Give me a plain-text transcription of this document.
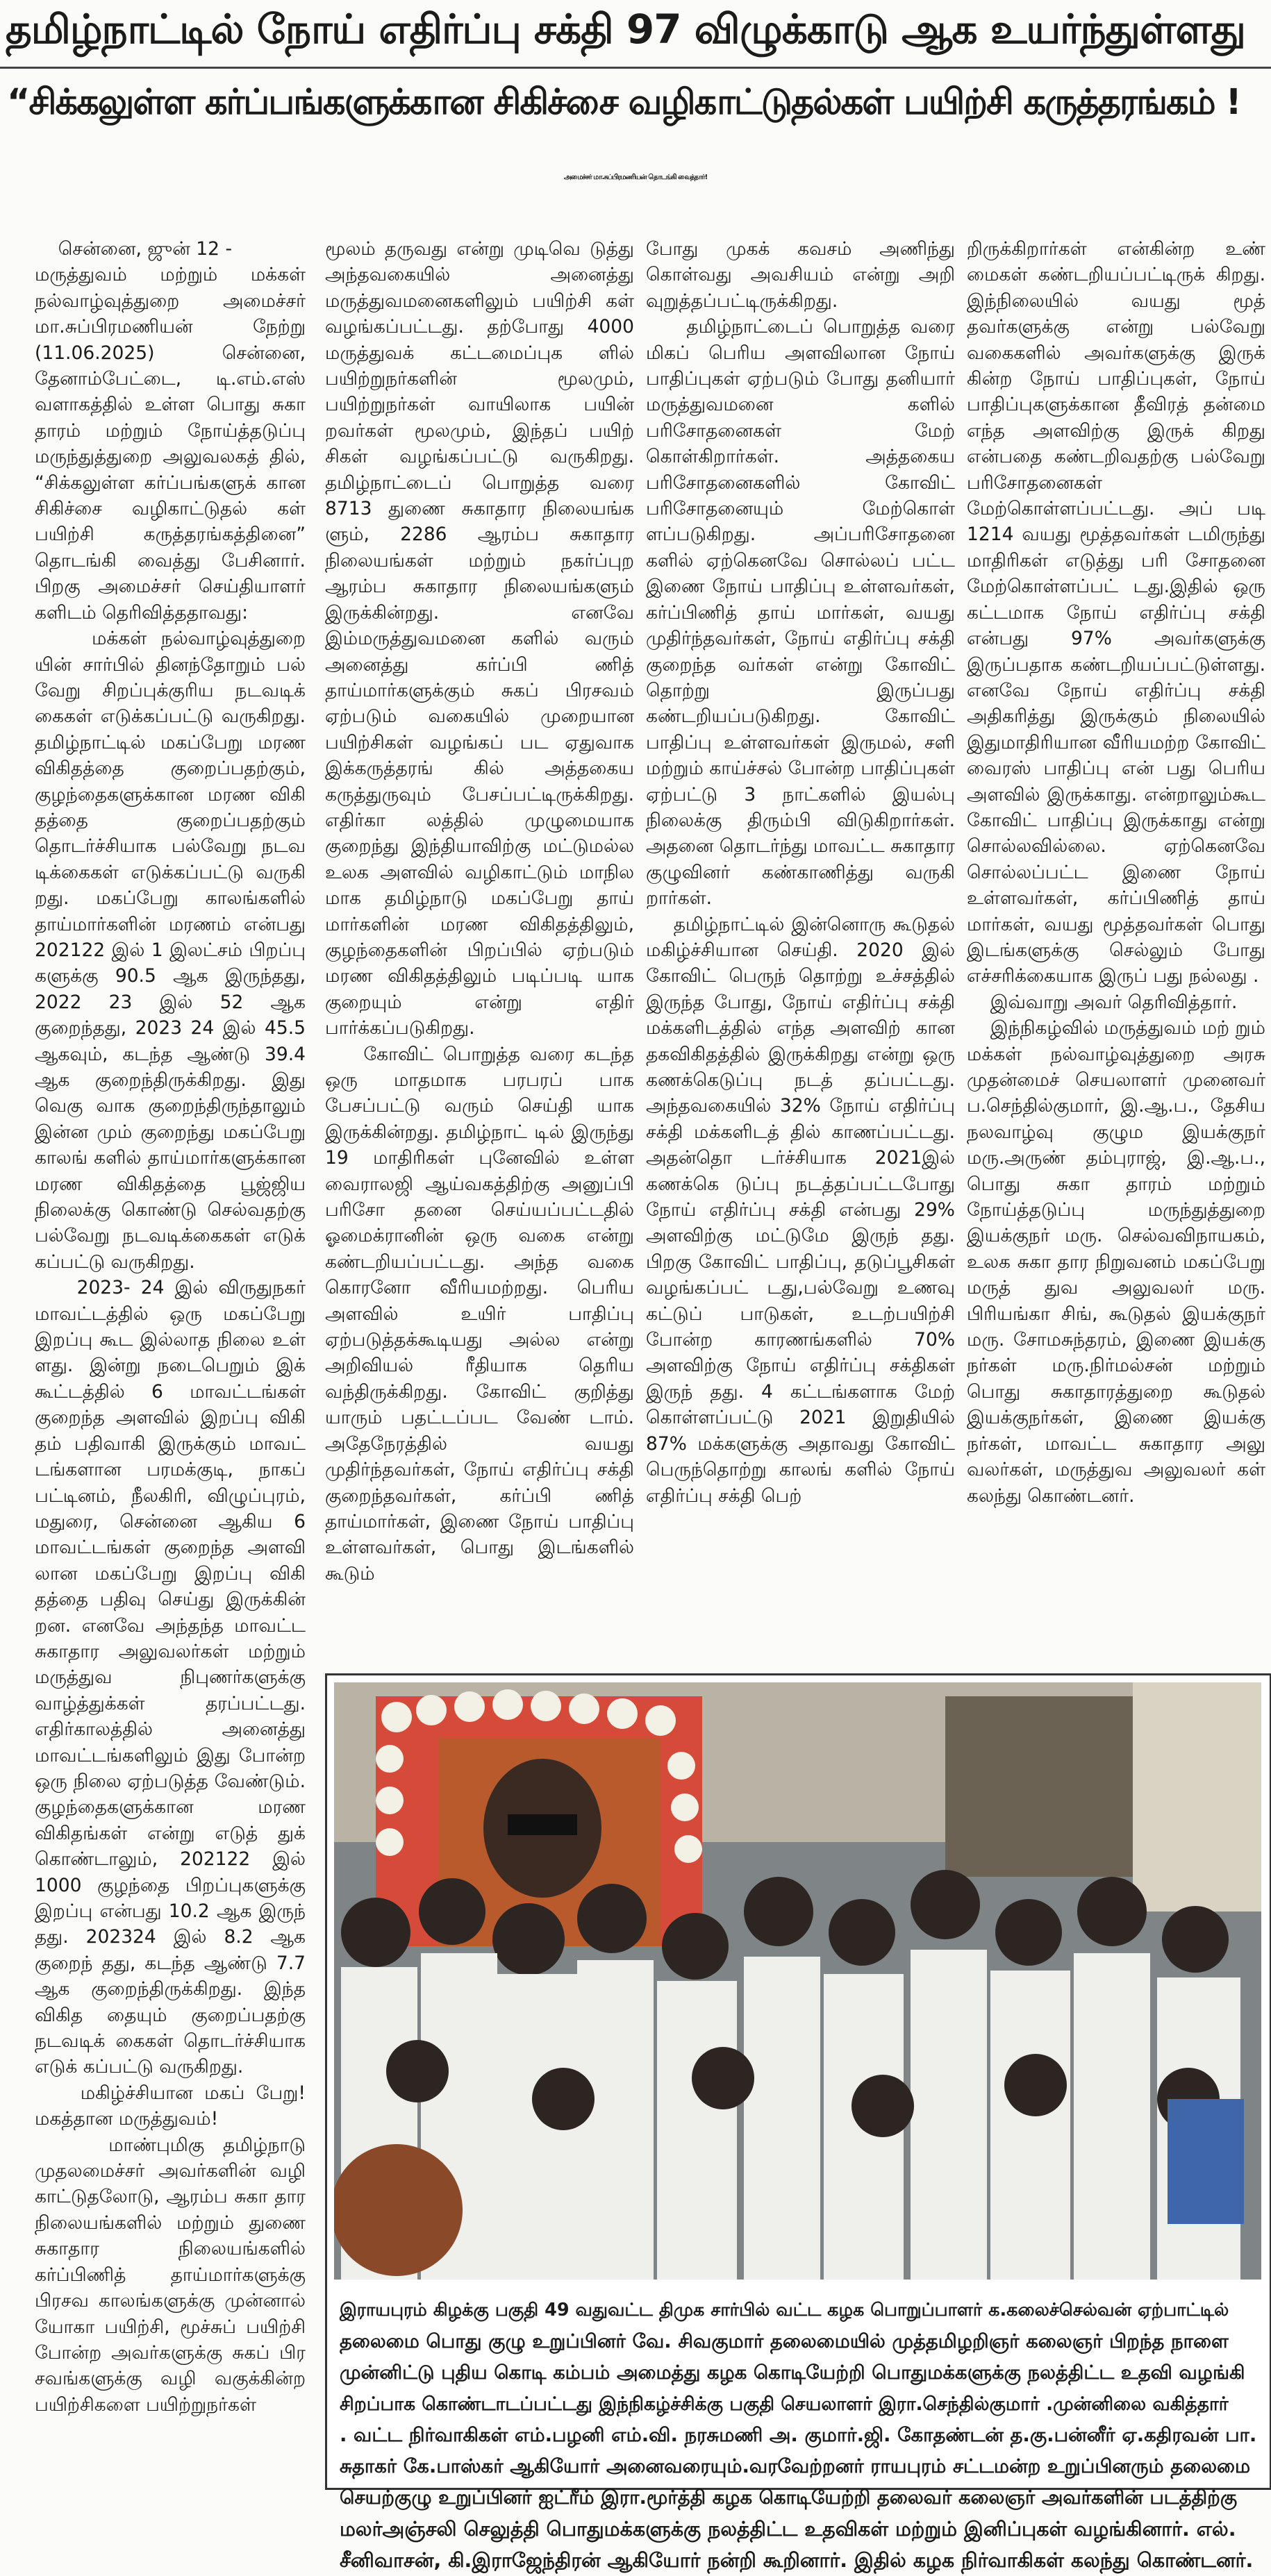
தமிழ்நாட்டில் நோய் எதிர்ப்பு சக்தி 97 விழுக்காடு ஆக உயர்ந்துள்ளது
“சிக்கலுள்ள கர்ப்பங்களுக்கான சிகிச்சை வழிகாட்டுதல்கள் பயிற்சி கருத்தரங்கம் !
அமைச்சர் மா.சுப்பிரமணியன் தொடங்கி வைத்தார்!

சென்னை, ஜுன் 12 -

மருத்துவம் மற்றும் மக்கள் நல்வாழ்வுத்துறை அமைச்சர் மா.சுப்பிரமணியன் நேற்று (11.06.2025) சென்னை, தேனாம்பேட்டை, டி.எம்.எஸ் வளாகத்தில் உள்ள பொது சுகா தாரம் மற்றும் நோய்த்தடுப்பு மருந்துத்துறை அலுவலகத் தில், “சிக்கலுள்ள கர்ப்பங்களுக் கான சிகிச்சை வழிகாட்டுதல் கள் பயிற்சி கருத்தரங்கத்தினை” தொடங்கி வைத்து பேசினார். பிறகு அமைச்சர் செய்தியாளர் களிடம் தெரிவித்ததாவது:

மக்கள் நல்வாழ்வுத்துறை யின் சார்பில் தினந்தோறும் பல் வேறு சிறப்புக்குரிய நடவடிக் கைகள் எடுக்கப்பட்டு வருகிறது. தமிழ்நாட்டில் மகப்பேறு மரண விகிதத்தை குறைப்பதற்கும், குழந்தைகளுக்கான மரண விகி தத்தை குறைப்பதற்கும் தொடர்ச்சியாக பல்வேறு நடவ டிக்கைகள் எடுக்கப்பட்டு வருகி றது. மகப்பேறு காலங்களில் தாய்மார்களின் மரணம் என்பது 202122 இல் 1 இலட்சம் பிறப்பு களுக்கு 90.5 ஆக இருந்தது, 2022 23 இல் 52 ஆக குறைந்தது, 2023 24 இல் 45.5 ஆகவும், கடந்த ஆண்டு 39.4 ஆக குறைந்திருக்கிறது. இது வெகு வாக குறைந்திருந்தாலும் இன்ன மும் குறைந்து மகப்பேறு காலங் களில் தாய்மார்களுக்கான மரண விகிதத்தை பூஜ்ஜிய நிலைக்கு கொண்டு செல்வதற்கு பல்வேறு நடவடிக்கைகள் எடுக் கப்பட்டு வருகிறது.

2023- 24 இல் விருதுநகர் மாவட்டத்தில் ஒரு மகப்பேறு இறப்பு கூட இல்லாத நிலை உள் ளது. இன்று நடைபெறும் இக் கூட்டத்தில் 6 மாவட்டங்கள் குறைந்த அளவில் இறப்பு விகி தம் பதிவாகி இருக்கும் மாவட் டங்களான பரமக்குடி, நாகப் பட்டினம், நீலகிரி, விழுப்புரம், மதுரை, சென்னை ஆகிய 6 மாவட்டங்கள் குறைந்த அளவி லான மகப்பேறு இறப்பு விகி தத்தை பதிவு செய்து இருக்கின் றன. எனவே அந்தந்த மாவட்ட சுகாதார அலுவலர்கள் மற்றும் மருத்துவ நிபுணர்களுக்கு வாழ்த்துக்கள் தரப்பட்டது. எதிர்காலத்தில் அனைத்து மாவட்டங்களிலும் இது போன்ற ஒரு நிலை ஏற்படுத்த வேண்டும். குழந்தைகளுக்கான மரண விகிதங்கள் என்று எடுத் துக் கொண்டாலும், 202122 இல் 1000 குழந்தை பிறப்புகளுக்கு இறப்பு என்பது 10.2 ஆக இருந் தது. 202324 இல் 8.2 ஆக குறைந் தது, கடந்த ஆண்டு 7.7 ஆக குறைந்திருக்கிறது. இந்த விகித தையும் குறைப்பதற்கு நடவடிக் கைகள் தொடர்ச்சியாக எடுக் கப்பட்டு வருகிறது.

மகிழ்ச்சியான மகப் பேறு!மகத்தான மருத்துவம்!

மாண்புமிகு தமிழ்நாடு முதலமைச்சர் அவர்களின் வழி காட்டுதலோடு, ஆரம்ப சுகா தார நிலையங்களில் மற்றும் துணை சுகாதார நிலையங்களில் கர்ப்பிணித் தாய்மார்களுக்கு பிரசவ காலங்களுக்கு முன்னால் யோகா பயிற்சி, மூச்சுப் பயிற்சி போன்ற அவர்களுக்கு சுகப் பிர சவங்களுக்கு வழி வகுக்கின்ற பயிற்சிகளை பயிற்றுநர்கள்

மூலம் தருவது என்று முடிவெ டுத்து அந்தவகையில் அனைத்து மருத்துவமனைகளிலும் பயிற்சி கள் வழங்கப்பட்டது. தற்போது 4000 மருத்துவக் கட்டமைப்புக ளில் பயிற்றுநர்களின் மூலமும், பயிற்றுநர்கள் வாயிலாக பயின் றவர்கள் மூலமும், இந்தப் பயிற் சிகள் வழங்கப்பட்டு வருகிறது. தமிழ்நாட்டைப் பொறுத்த வரை 8713 துணை சுகாதார நிலையங்க ளும், 2286 ஆரம்ப சுகாதார நிலையங்கள் மற்றும் நகர்ப்புற ஆரம்ப சுகாதார நிலையங்களும் இருக்கின்றது. எனவே இம்மருத்துவமனை களில் வரும் அனைத்து கர்ப்பி ணித் தாய்மார்களுக்கும் சுகப் பிரசவம் ஏற்படும் வகையில் முறையான பயிற்சிகள் வழங்கப் பட ஏதுவாக இக்கருத்தரங் கில் அத்தகைய கருத்துருவும் பேசப்பட்டிருக்கிறது. எதிர்கா லத்தில் முழுமையாக குறைந்து இந்தியாவிற்கு மட்டுமல்ல உலக அளவில் வழிகாட்டும் மாநில மாக தமிழ்நாடு மகப்பேறு தாய் மார்களின் மரண விகிதத்திலும், குழந்தைகளின் பிறப்பில் ஏற்படும் மரண விகிதத்திலும் படிப்படி யாக குறையும் என்று எதிர் பார்க்கப்படுகிறது.

கோவிட் பொறுத்த வரை கடந்த ஒரு மாதமாக பரபரப் பாக பேசப்பட்டு வரும் செய்தி யாக இருக்கின்றது. தமிழ்நாட் டில் இருந்து 19 மாதிரிகள் புனேவில் உள்ள வைராலஜி ஆய்வகத்திற்கு அனுப்பி பரிசோ தனை செய்யப்பட்டதில் ஓமைக்ரானின் ஒரு வகை என்று கண்டறியப்பட்டது. அந்த வகை கொரனோ வீரியமற்றது. பெரிய அளவில் உயிர் பாதிப்பு ஏற்படுத்தக்கூடியது அல்ல என்று அறிவியல் ரீதியாக தெரிய வந்திருக்கிறது. கோவிட் குறித்து யாரும் பதட்டப்பட வேண் டாம். அதேநேரத்தில் வயது முதிர்ந்தவர்கள், நோய் எதிர்ப்பு சக்தி குறைந்தவர்கள், கர்ப்பி ணித் தாய்மார்கள், இணை நோய் பாதிப்பு உள்ளவர்கள், பொது இடங்களில் கூடும்

போது முகக் கவசம் அணிந்து கொள்வது அவசியம் என்று அறி வுறுத்தப்பட்டிருக்கிறது.

தமிழ்நாட்டைப் பொறுத்த வரை மிகப் பெரிய அளவிலான நோய் பாதிப்புகள் ஏற்படும் போது தனியார் மருத்துவமனை களில் பரிசோதனைகள் மேற் கொள்கிறார்கள். அத்தகைய பரிசோதனைகளில் கோவிட் பரிசோதனையும் மேற்கொள் ளப்படுகிறது. அப்பரிசோதனை களில் ஏற்கெனவே சொல்லப் பட்ட இணை நோய் பாதிப்பு உள்ளவர்கள், கர்ப்பிணித் தாய் மார்கள், வயது முதிர்ந்தவர்கள், நோய் எதிர்ப்பு சக்தி குறைந்த வர்கள் என்று கோவிட் தொற்று இருப்பது கண்டறியப்படுகிறது. கோவிட் பாதிப்பு உள்ளவர்கள் இருமல், சளி மற்றும் காய்ச்சல் போன்ற பாதிப்புகள் ஏற்பட்டு 3 நாட்களில் இயல்பு நிலைக்கு திரும்பி விடுகிறார்கள். அதனை தொடர்ந்து மாவட்ட சுகாதார குழுவினர் கண்காணித்து வருகி றார்கள்.

தமிழ்நாட்டில் இன்னொரு கூடுதல் மகிழ்ச்சியான செய்தி. 2020 இல் கோவிட் பெருந் தொற்று உச்சத்தில் இருந்த போது, நோய் எதிர்ப்பு சக்தி மக்களிடத்தில் எந்த அளவிற் கான தகவிகிதத்தில் இருக்கிறது என்று ஒரு கணக்கெடுப்பு நடத் தப்பட்டது. அந்தவகையில் 32% நோய் எதிர்ப்பு சக்தி மக்களிடத் தில் காணப்பட்டது. அதன்தொ டர்ச்சியாக 2021இல் கணக்கெ டுப்பு நடத்தப்பட்டபோது நோய் எதிர்ப்பு சக்தி என்பது 29% அளவிற்கு மட்டுமே இருந் தது. பிறகு கோவிட் பாதிப்பு, தடுப்பூசிகள் வழங்கப்பட் டது,பல்வேறு உணவு கட்டுப் பாடுகள், உடற்பயிற்சி போன்ற காரணங்களில் 70% அளவிற்கு நோய் எதிர்ப்பு சக்திகள் இருந் தது. 4 கட்டங்களாக மேற் கொள்ளப்பட்டு 2021 இறுதியில் 87% மக்களுக்கு அதாவது கோவிட் பெருந்தொற்று காலங் களில் நோய் எதிர்ப்பு சக்தி பெற்

றிருக்கிறார்கள் என்கின்ற உண் மைகள் கண்டறியப்பட்டிருக் கிறது. இந்நிலையில் வயது மூத் தவர்களுக்கு என்று பல்வேறு வகைகளில் அவர்களுக்கு இருக் கின்ற நோய் பாதிப்புகள், நோய் பாதிப்புகளுக்கான தீவிரத் தன்மை எந்த அளவிற்கு இருக் கிறது என்பதை கண்டறிவதற்கு பல்வேறு பரிசோதனைகள் மேற்கொள்ளப்பட்டது. அப் படி 1214 வயது மூத்தவர்கள் டமிருந்து மாதிரிகள் எடுத்து பரி சோதனை மேற்கொள்ளப்பட் டது.இதில் ஒரு கட்டமாக நோய் எதிர்ப்பு சக்தி என்பது 97% அவர்களுக்கு இருப்பதாக கண்டறியப்பட்டுள்ளது. எனவே நோய் எதிர்ப்பு சக்தி அதிகரித்து இருக்கும் நிலையில் இதுமாதிரியான வீரியமற்ற கோவிட் வைரஸ் பாதிப்பு என் பது பெரிய அளவில் இருக்காது. என்றாலும்கூட கோவிட் பாதிப்பு இருக்காது என்று சொல்லவில்லை. ஏற்கெனவே சொல்லப்பட்ட இணை நோய் உள்ளவர்கள், கர்ப்பிணித் தாய் மார்கள், வயது மூத்தவர்கள் பொது இடங்களுக்கு செல்லும் போது எச்சரிக்கையாக இருப் பது நல்லது .

இவ்வாறு அவர் தெரிவித்தார்.

இந்நிகழ்வில் மருத்துவம் மற் றும் மக்கள் நல்வாழ்வுத்துறை அரசு முதன்மைச் செயலாளர் முனைவர் ப.செந்தில்குமார், இ.ஆ.ப., தேசிய நலவாழ்வு குழும இயக்குநர் மரு.அருண் தம்புராஜ், இ.ஆ.ப., பொது சுகா தாரம் மற்றும் நோய்த்தடுப்பு மருந்துத்துறை இயக்குநர் மரு. செல்வவிநாயகம், உலக சுகா தார நிறுவனம் மகப்பேறு மருத் துவ அலுவலர் மரு. பிரியங்கா சிங், கூடுதல் இயக்குநர் மரு. சோமசுந்தரம், இணை இயக்கு நர்கள் மரு.நிர்மல்சன் மற்றும் பொது சுகாதாரத்துறை கூடுதல் இயக்குநர்கள், இணை இயக்கு நர்கள், மாவட்ட சுகாதார அலு வலர்கள், மருத்துவ அலுவலர் கள் கலந்து கொண்டனர்.

இராயபுரம் கிழக்கு பகுதி 49 வதுவட்ட திமுக சார்பில் வட்ட கழக பொறுப்பாளர் க.கலைச்செல்வன் ஏற்பாட்டில்

தலைமை பொது குழு உறுப்பினர் வே. சிவகுமார் தலைமையில் முத்தமிழறிஞர் கலைஞர் பிறந்த நாளை

முன்னிட்டு புதிய கொடி கம்பம் அமைத்து கழக கொடியேற்றி பொதுமக்களுக்கு நலத்திட்ட உதவி வழங்கி

சிறப்பாக கொண்டாடப்பட்டது இந்நிகழ்ச்சிக்கு பகுதி செயலாளர் இரா.செந்தில்குமார் .முன்னிலை வகித்தார்

. வட்ட நிர்வாகிகள் எம்.பழனி எம்.வி. நரசுமணி அ. குமார்.ஜி. கோதண்டன் த.கு.பன்னீர் ஏ.கதிரவன் பா.

சுதாகர் கே.பாஸ்கர் ஆகியோர் அனைவரையும்.வரவேற்றனர் ராயபுரம் சட்டமன்ற உறுப்பினரும் தலைமை

செயற்குழு உறுப்பினர் ஐட்ரீம் இரா.மூர்த்தி கழக கொடியேற்றி தலைவர் கலைஞர் அவர்களின் படத்திற்கு

மலர்அஞ்சலி செலுத்தி பொதுமக்களுக்கு நலத்திட்ட உதவிகள் மற்றும் இனிப்புகள் வழங்கினார். எல்.

சீனிவாசன், கி.இராஜேந்திரன் ஆகியோர் நன்றி கூறினார். இதில் கழக நிர்வாகிகள் கலந்து கொண்டனர்.
